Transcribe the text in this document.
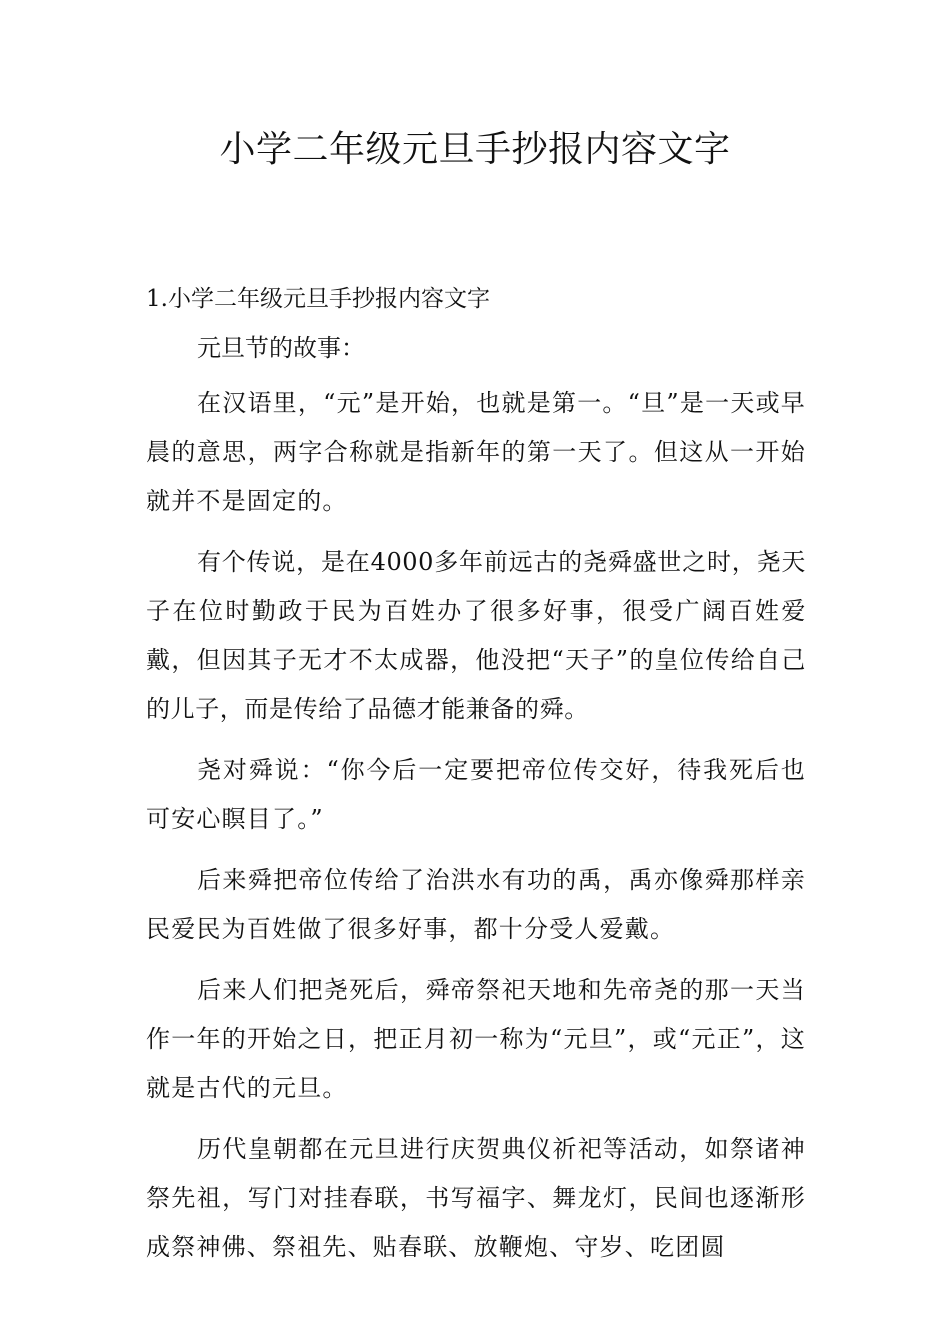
小学二年级元旦手抄报内容文字

1.小学二年级元旦手抄报内容文字

元旦节的故事：

在汉语里，“元”是开始，也就是第一。“旦”是一天或早晨的意思，两字合称就是指新年的第一天了。但这从一开始就并不是固定的。

有个传说，是在4000多年前远古的尧舜盛世之时，尧天子在位时勤政于民为百姓办了很多好事，很受广阔百姓爱戴，但因其子无才不太成器，他没把“天子”的皇位传给自己的儿子，而是传给了品德才能兼备的舜。

尧对舜说：“你今后一定要把帝位传交好，待我死后也可安心瞑目了。”

后来舜把帝位传给了治洪水有功的禹，禹亦像舜那样亲民爱民为百姓做了很多好事，都十分受人爱戴。

后来人们把尧死后，舜帝祭祀天地和先帝尧的那一天当作一年的开始之日，把正月初一称为“元旦”，或“元正”，这就是古代的元旦。

历代皇朝都在元旦进行庆贺典仪祈祀等活动，如祭诸神祭先祖，写门对挂春联，书写福字、舞龙灯，民间也逐渐形成祭神佛、祭祖先、贴春联、放鞭炮、守岁、吃团圆
